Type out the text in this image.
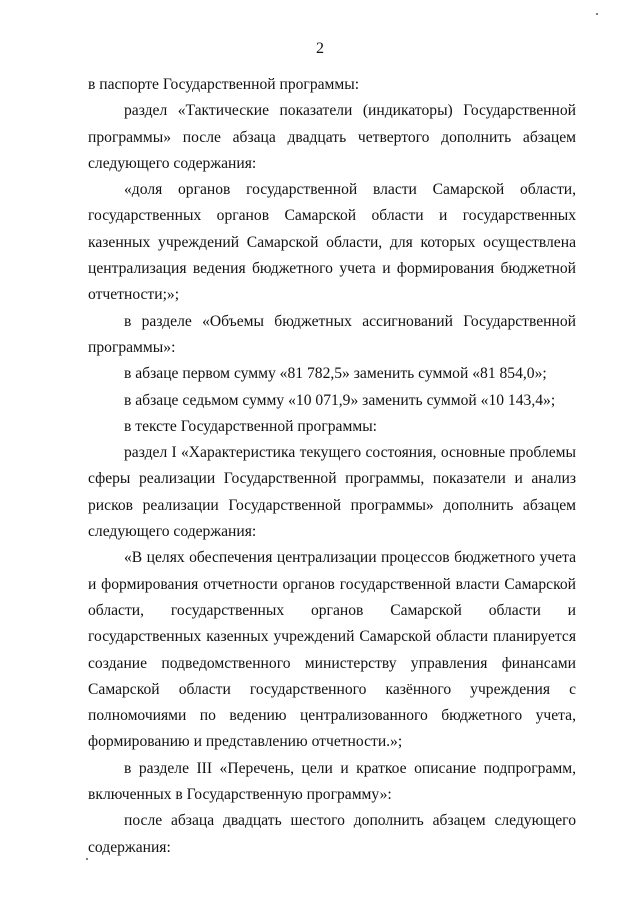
2

в паспорте Государственной программы:

раздел «Тактические показатели (индикаторы) Государственной программы» после абзаца двадцать четвертого дополнить абзацем следующего содержания:

«доля органов государственной власти Самарской области, государственных органов Самарской области и государственных казенных учреждений Самарской области, для которых осуществлена централизация ведения бюджетного учета и формирования бюджетной отчетности;»;

в разделе «Объемы бюджетных ассигнований Государственной программы»:

в абзаце первом сумму «81 782,5» заменить суммой «81 854,0»;

в абзаце седьмом сумму «10 071,9» заменить суммой «10 143,4»;

в тексте Государственной программы:

раздел I «Характеристика текущего состояния, основные проблемы сферы реализации Государственной программы, показатели и анализ рисков реализации Государственной программы» дополнить абзацем следующего содержания:

«В целях обеспечения централизации процессов бюджетного учета и формирования отчетности органов государственной власти Самарской области, государственных органов Самарской области и государственных казенных учреждений Самарской области планируется создание подведомственного министерству управления финансами Самарской области государственного казённого учреждения с полномочиями по ведению централизованного бюджетного учета, формированию и представлению отчетности.»;

в разделе III «Перечень, цели и краткое описание подпрограмм, включенных в Государственную программу»:

после абзаца двадцать шестого дополнить абзацем следующего содержания:
